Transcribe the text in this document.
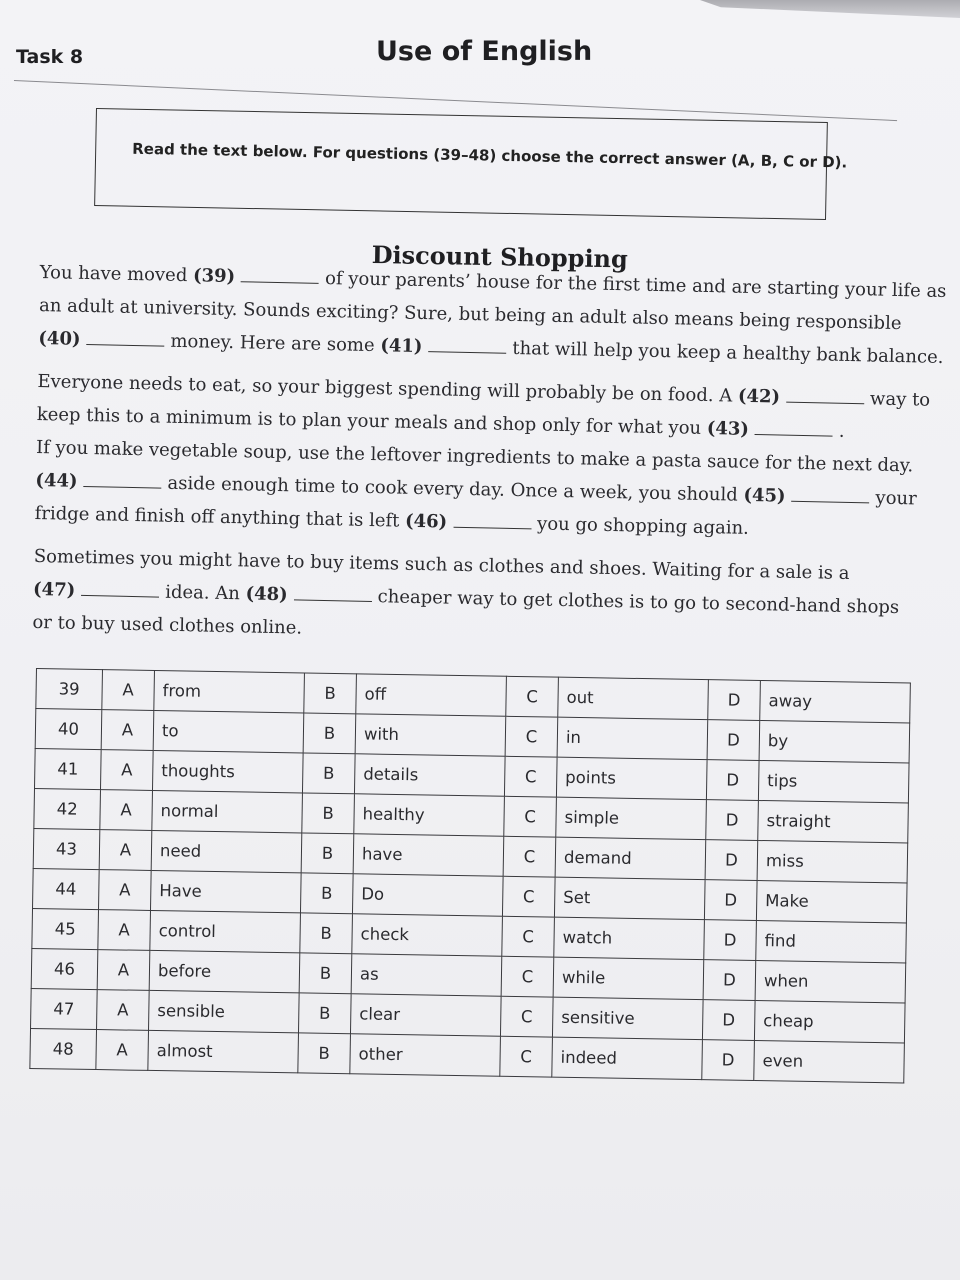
Task 8	Use of English
Read the text below. For questions (39–48) choose the correct answer (A, B, C or D).
Discount Shopping
You have moved (39)	of your parents’ house for the first time and are starting your life as
an adult at university. Sounds exciting? Sure, but being an adult also means being responsible
(40)	money. Here are some (41)	that will help you keep a healthy bank balance.
Everyone needs to eat, so your biggest spending will probably be on food. A (42)	way to
keep this to a minimum is to plan your meals and shop only for what you (43)	.
If you make vegetable soup, use the leftover ingredients to make a pasta sauce for the next day.
(44)	aside enough time to cook every day. Once a week, you should (45)	your
fridge and finish off anything that is left (46)	you go shopping again.
Sometimes you might have to buy items such as clothes and shoes. Waiting for a sale is a
(47)	idea. An (48)	cheaper way to get clothes is to go to second-hand shops
or to buy used clothes online.
39	A	from	B	off	C	out	D	away
40	A	to	B	with	C	in	D	by
41	A	thoughts	B	details	C	points	D	tips
42	A	normal	B	healthy	C	simple	D	straight
43	A	need	B	have	C	demand	D	miss
44	A	Have	B	Do	C	Set	D	Make
45	A	control	B	check	C	watch	D	find
46	A	before	B	as	C	while	D	when
47	A	sensible	B	clear	C	sensitive	D	cheap
48	A	almost	B	other	C	indeed	D	even
